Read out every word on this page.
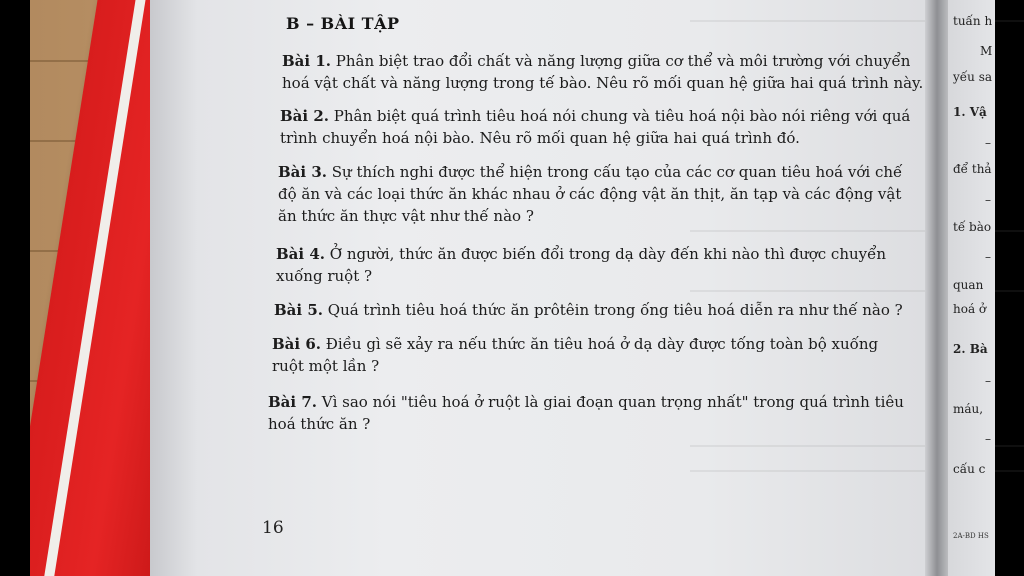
B – BÀI TẬP
Bài 1. Phân biệt trao đổi chất và năng lượng giữa cơ thể và môi trường với chuyển
hoá vật chất và năng lượng trong tế bào. Nêu rõ mối quan hệ giữa hai quá trình này.
Bài 2. Phân biệt quá trình tiêu hoá nói chung và tiêu hoá nội bào nói riêng với quá
trình chuyển hoá nội bào. Nêu rõ mối quan hệ giữa hai quá trình đó.
Bài 3. Sự thích nghi được thể hiện trong cấu tạo của các cơ quan tiêu hoá với chế
độ ăn và các loại thức ăn khác nhau ở các động vật ăn thịt, ăn tạp và các động vật
ăn thức ăn thực vật như thế nào ?
Bài 4. Ở người, thức ăn được biến đổi trong dạ dày đến khi nào thì được chuyển
xuống ruột ?
Bài 5. Quá trình tiêu hoá thức ăn prôtêin trong ống tiêu hoá diễn ra như thế nào ?
Bài 6. Điều gì sẽ xảy ra nếu thức ăn tiêu hoá ở dạ dày được tống toàn bộ xuống
ruột một lần ?
Bài 7. Vì sao nói "tiêu hoá ở ruột là giai đoạn quan trọng nhất" trong quá trình tiêu
hoá thức ăn ?
16
tuấn h
M
yếu sa
1. Vậ
–
để thả
–
tế bào
–
quan
hoá ở
2. Bà
–
máu,
–
cấu c
2A-BD HS
